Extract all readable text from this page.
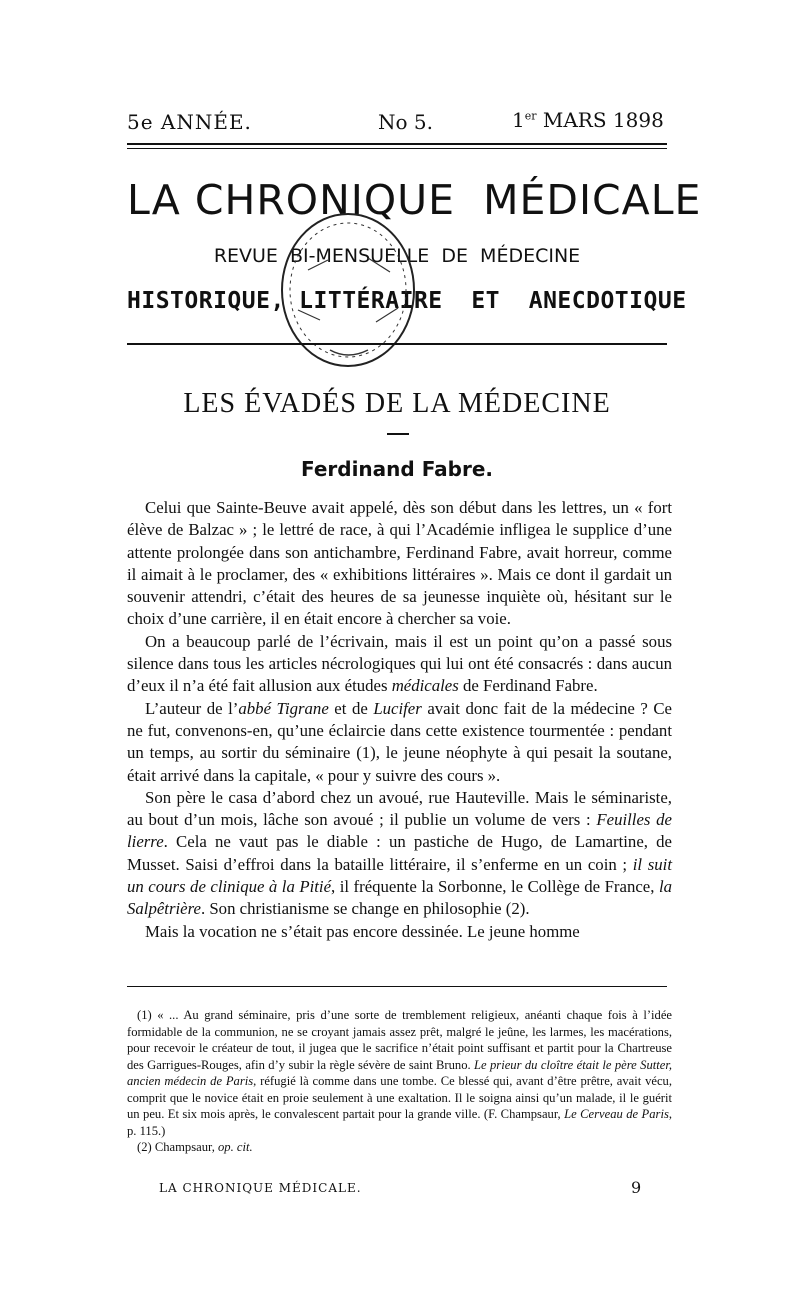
5e ANNÉE.	No 5.	1er MARS 1898
LA CHRONIQUE  MÉDICALE
REVUE  BI-MENSUELLE  DE  MÉDECINE
HISTORIQUE, LITTÉRAIRE  ET  ANECDOTIQUE
LES ÉVADÉS DE LA MÉDECINE
Ferdinand Fabre.

Celui que Sainte-Beuve avait appelé, dès son début dans les lettres, un « fort élève de Balzac » ; le lettré de race, à qui l’Académie infligea le supplice d’une attente prolongée dans son antichambre, Ferdinand Fabre, avait horreur, comme il aimait à le proclamer, des « exhibitions littéraires ». Mais ce dont il gardait un souvenir attendri, c’était des heures de sa jeunesse inquiète où, hésitant sur le choix d’une carrière, il en était encore à chercher sa voie.

On a beaucoup parlé de l’écrivain, mais il est un point qu’on a passé sous silence dans tous les articles nécrologiques qui lui ont été consacrés : dans aucun d’eux il n’a été fait allusion aux études médicales de Ferdinand Fabre.

L’auteur de l’abbé Tigrane et de Lucifer avait donc fait de la médecine ? Ce ne fut, convenons-en, qu’une éclaircie dans cette existence tourmentée : pendant un temps, au sortir du séminaire (1), le jeune néophyte à qui pesait la soutane, était arrivé dans la capitale, « pour y suivre des cours ».

Son père le casa d’abord chez un avoué, rue Hauteville. Mais le séminariste, au bout d’un mois, lâche son avoué ; il publie un volume de vers : Feuilles de lierre. Cela ne vaut pas le diable : un pastiche de Hugo, de Lamartine, de Musset. Saisi d’effroi dans la bataille littéraire, il s’enferme en un coin ; il suit un cours de clinique à la Pitié, il fréquente la Sorbonne, le Collège de France, la Salpêtrière. Son christianisme se change en philosophie (2).

Mais la vocation ne s’était pas encore dessinée. Le jeune homme

(1) « ... Au grand séminaire, pris d’une sorte de tremblement religieux, anéanti chaque fois à l’idée formidable de la communion, ne se croyant jamais assez prêt, malgré le jeûne, les larmes, les macérations, pour recevoir le créateur de tout, il jugea que le sacrifice n’était point suffisant et partit pour la Chartreuse des Garrigues-Rouges, afin d’y subir la règle sévère de saint Bruno. Le prieur du cloître était le père Sutter, ancien médecin de Paris, réfugié là comme dans une tombe. Ce blessé qui, avant d’être prêtre, avait vécu, comprit que le novice était en proie seulement à une exaltation. Il le soigna ainsi qu’un malade, il le guérit un peu. Et six mois après, le convalescent partait pour la grande ville. (F. Champsaur, Le Cerveau de Paris, p. 115.)

(2) Champsaur, op. cit.

LA CHRONIQUE MÉDICALE.	9
